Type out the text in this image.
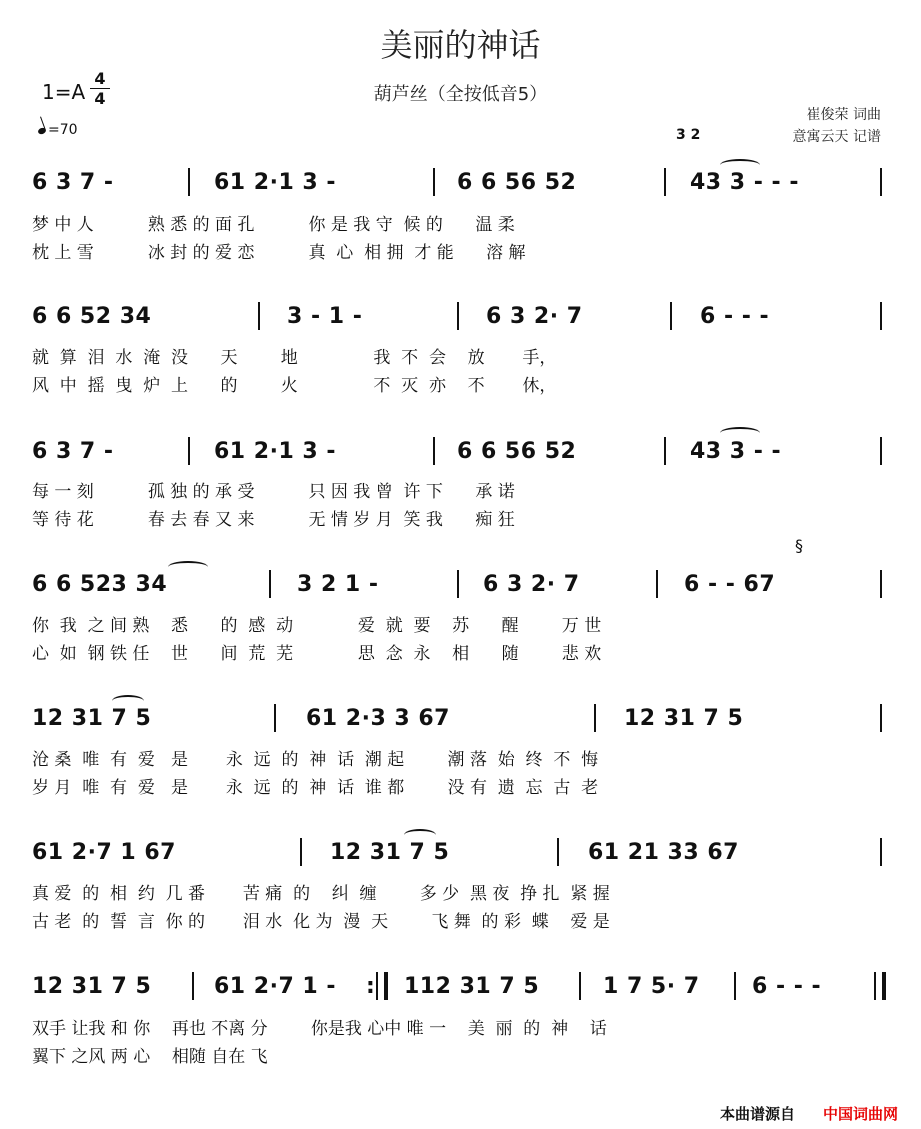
美丽的神话
葫芦丝（全按低音5）
1=A
4
4
=70
崔俊荣 词曲
意寓云天 记谱
3 2
6 3 7 -	61 2·1 3 -	6 6 56 52	43 3 - - -
梦 中 人          熟 悉 的 面 孔          你 是 我 守  候 的      温 柔
枕 上 雪          冰 封 的 爱 恋          真  心  相 拥  才 能      溶 解
6 6 52 34	3 - 1 -	6 3 2· 7	6 - - -
就  算  泪  水  淹  没      天        地              我  不  会    放       手，
风  中  摇  曳  炉  上      的        火              不  灭  亦    不       休，
6 3 7 -	61 2·1 3 -	6 6 56 52	43 3 - -
每 一 刻          孤 独 的 承 受          只 因 我 曾  许 下      承 诺
等 待 花          春 去 春 又 来          无 情 岁 月  笑 我      痴 狂
§
6 6 523 34	3 2 1 -	6 3 2· 7	6 - - 67
你  我  之 间 熟    悉      的  感  动            爱  就  要    苏      醒        万 世
心  如  钢 铁 任    世      间  荒  芜            思  念  永    相      随        悲 欢
12 31 7 5	61 2·3 3 67	12 31 7 5
沧 桑  唯  有  爱   是       永  远  的  神  话  潮 起        潮 落  始  终  不  悔
岁 月  唯  有  爱   是       永  远  的  神  话  谁 都        没 有  遗  忘  古  老
61 2·7 1 67	12 31 7 5	61 21 33 67
真 爱  的  相  约  几 番       苦 痛  的    纠  缠        多 少  黑 夜  挣 扎  紧 握
古 老  的  誓  言  你 的       泪 水  化 为  漫  天        飞 舞  的 彩  蝶    爱 是
12 31 7 5	61 2·7 1 - : 112 31 7 5	1 7 5· 7 6 - - -
双手 让我 和 你    再也 不离 分        你是我 心中 唯 一    美  丽  的  神    话
翼下 之风 两 心    相随 自在 飞
本曲谱源自 中国词曲网
